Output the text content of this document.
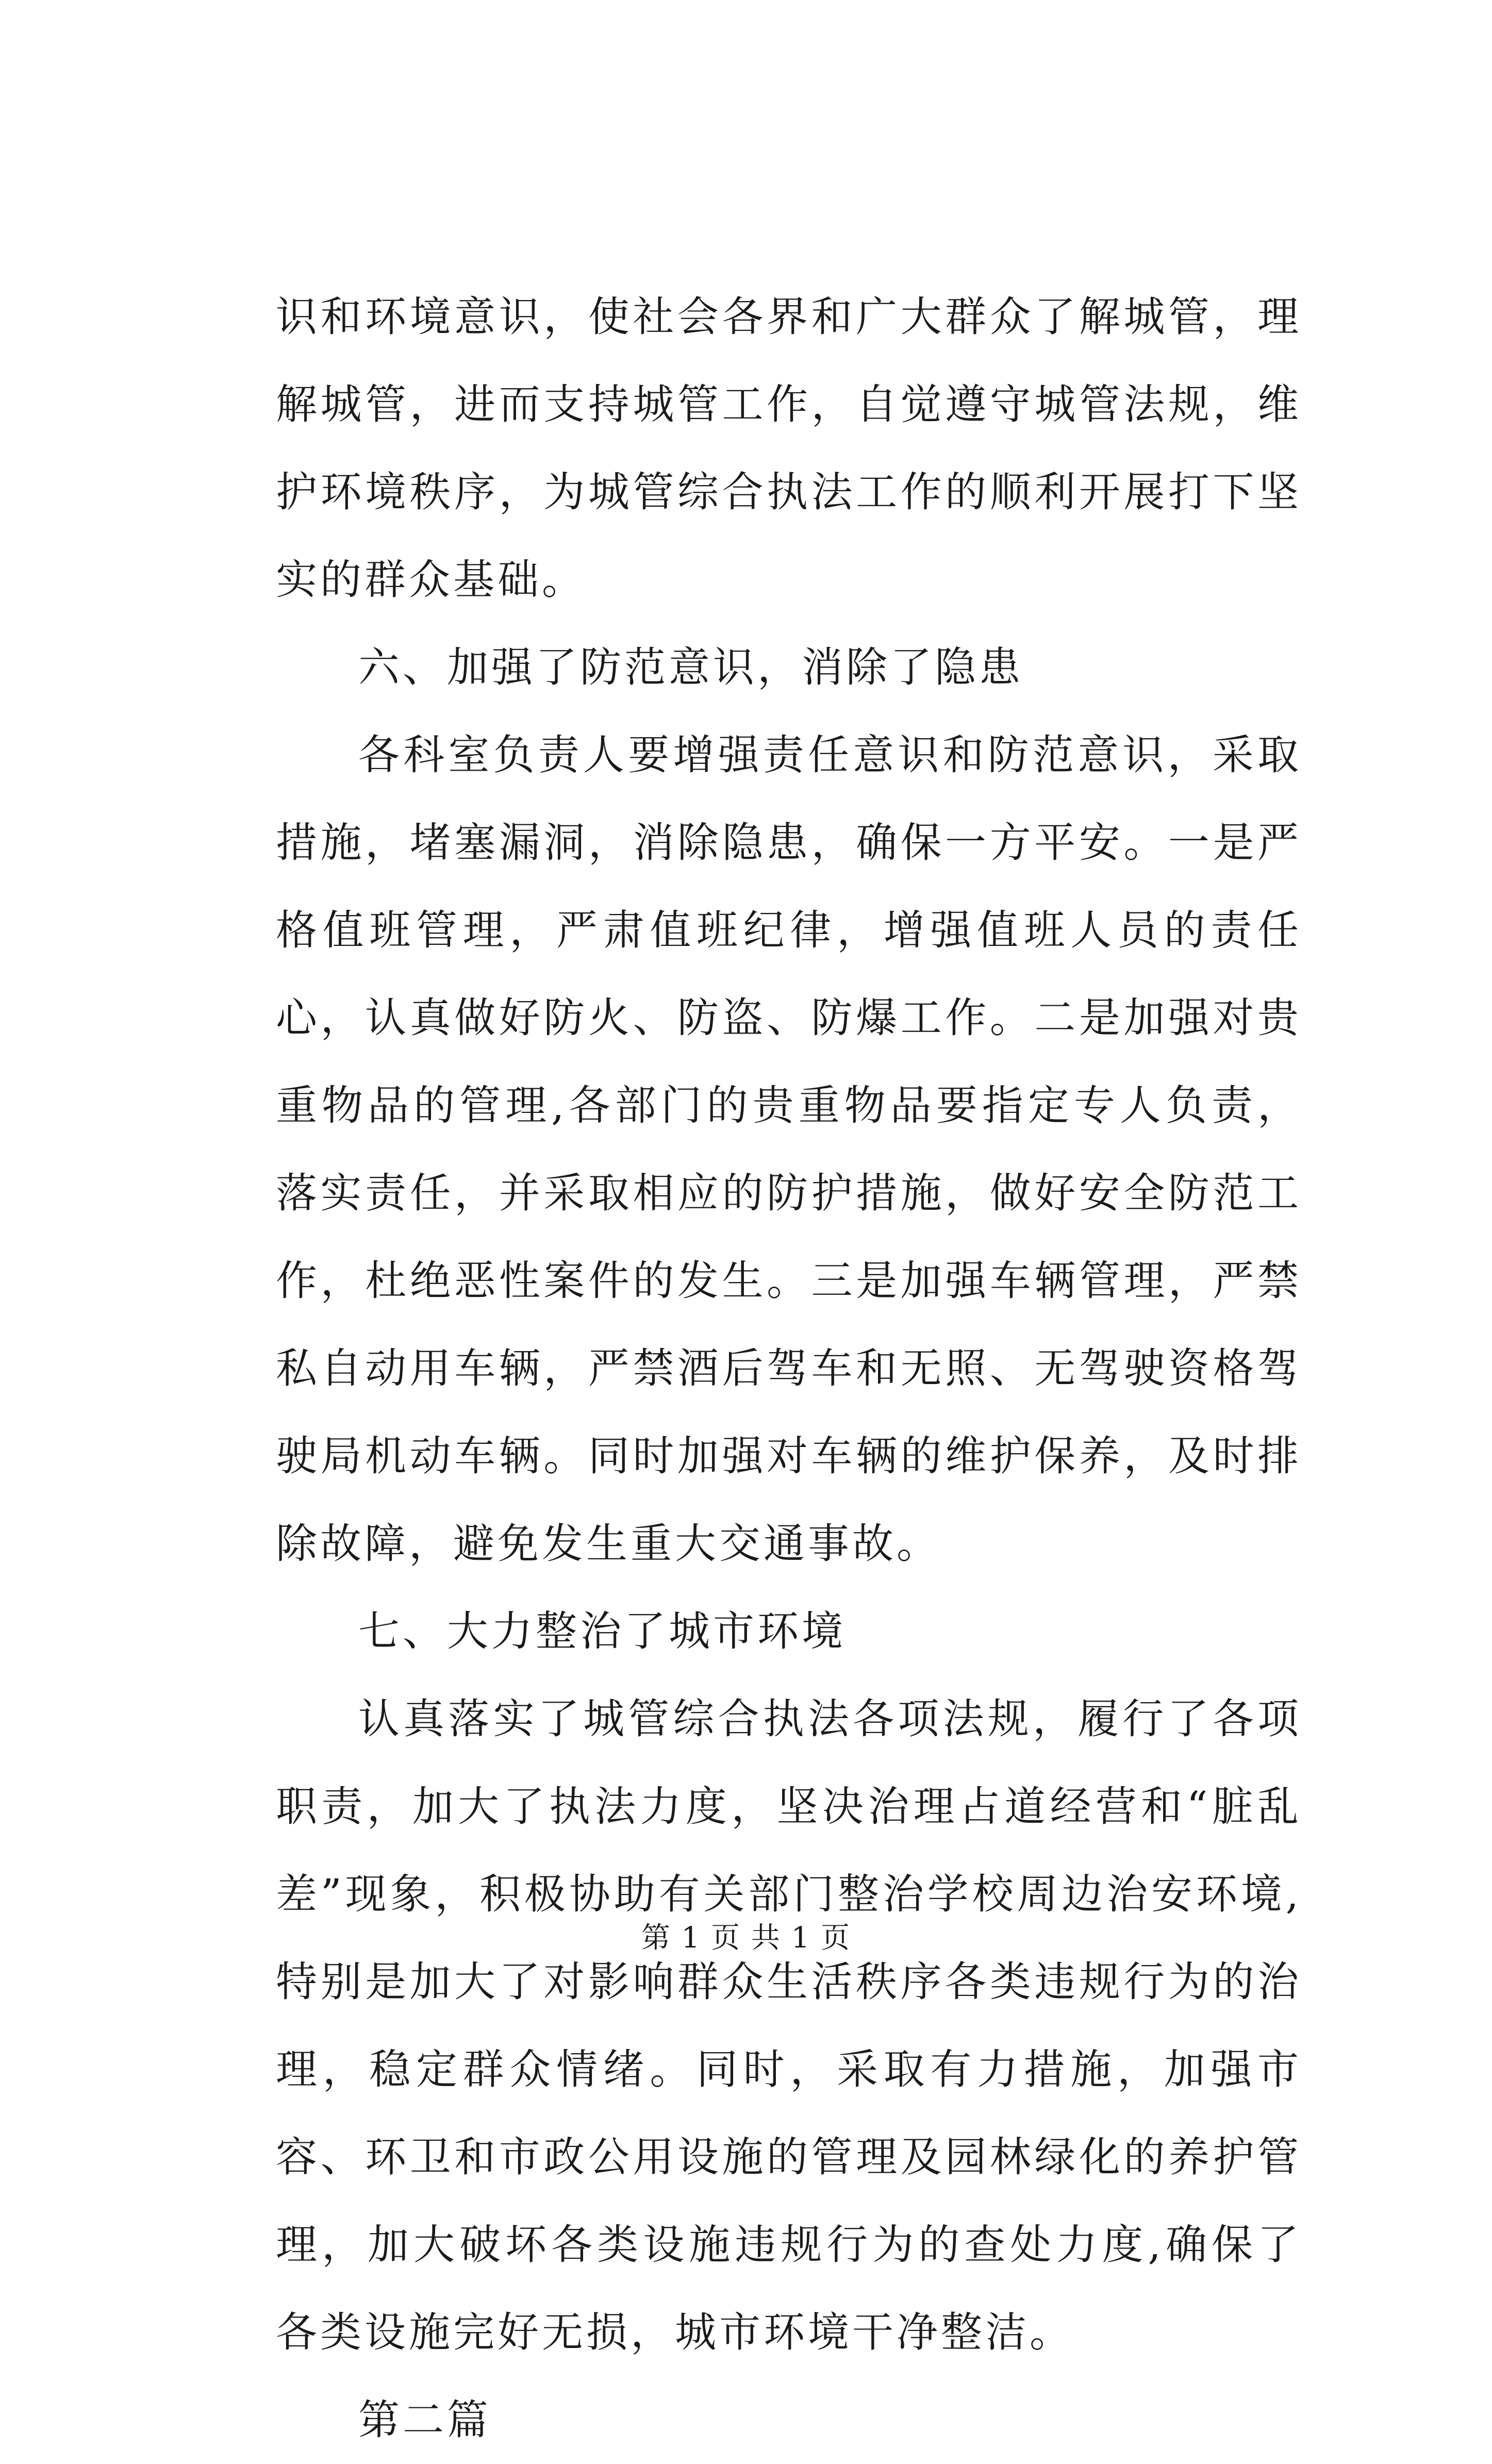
识和环境意识，使社会各界和广大群众了解城管，理解城管，进而支持城管工作，自觉遵守城管法规，维护环境秩序，为城管综合执法工作的顺利开展打下坚实的群众基础。

六、加强了防范意识，消除了隐患

各科室负责人要增强责任意识和防范意识，采取措施，堵塞漏洞，消除隐患，确保一方平安。一是严格值班管理，严肃值班纪律，增强值班人员的责任心，认真做好防火、防盗、防爆工作。二是加强对贵重物品的管理,各部门的贵重物品要指定专人负责，落实责任，并采取相应的防护措施，做好安全防范工作，杜绝恶性案件的发生。三是加强车辆管理，严禁私自动用车辆，严禁酒后驾车和无照、无驾驶资格驾驶局机动车辆。同时加强对车辆的维护保养，及时排除故障，避免发生重大交通事故。

七、大力整治了城市环境

认真落实了城管综合执法各项法规，履行了各项职责，加大了执法力度，坚决治理占道经营和“脏乱差”现象，积极协助有关部门整治学校周边治安环境,特别是加大了对影响群众生活秩序各类违规行为的治理，稳定群众情绪。同时，采取有力措施，加强市容、环卫和市政公用设施的管理及园林绿化的养护管理，加大破坏各类设施违规行为的查处力度,确保了各类设施完好无损，城市环境干净整洁。

第二篇

第 1 页 共 1 页
